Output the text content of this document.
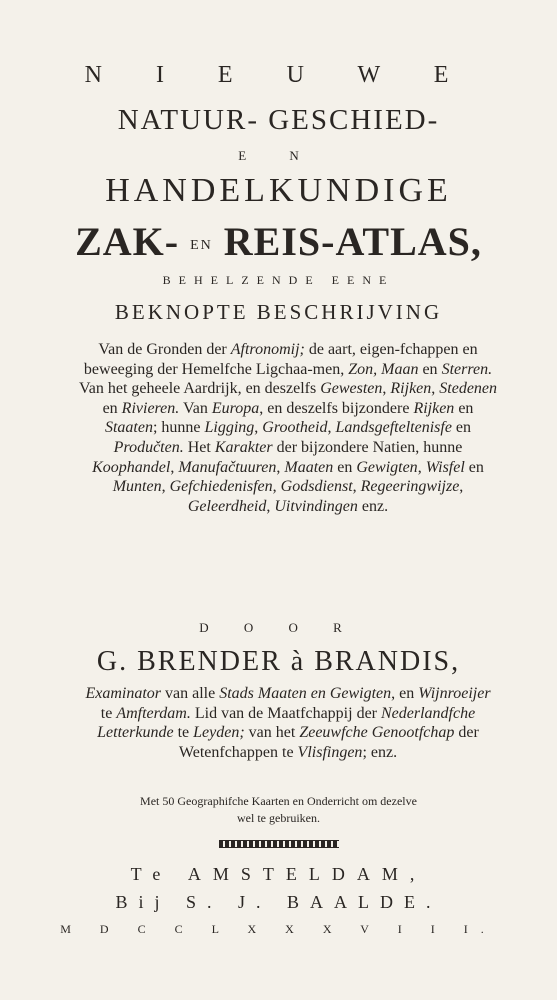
N I E U W E
NATUUR- GESCHIED-
E N
HANDELKUNDIGE
ZAK- EN REIS-ATLAS,
BEHELZENDE EENE
BEKNOPTE BESCHRIJVING
Van de Gronden der Aftronomij; de aart, eigen-fchappen en beweeging der Hemelfche Ligchaa-men, Zon, Maan en Sterren. Van het geheele Aardrijk, en deszelfs Gewesten, Rijken, Stedenen en Rivieren. Van Europa, en deszelfs bijzondere Rijken en Staaten; hunne Ligging, Grootheid, Landsgefteltenisfe en Produčten. Het Karakter der bijzondere Natien, hunne Koophandel, Manufačtuuren, Maaten en Gewigten, Wisfel en Munten, Gefchiedenisfen, Godsdienst, Regeeringwijze, Geleerdheid, Uitvindingen enz.
D O O R
G. BRENDER à BRANDIS,
Examinator van alle Stads Maaten en Gewigten, en Wijnroeijer te Amfterdam. Lid van de Maatfchappij der Nederlandfche Letterkunde te Leyden; van het Zeeuwfche Genootfchap der Wetenfchappen te Vlisfingen; enz.
Met 50 Geographifche Kaarten en Onderricht om dezelve
wel te gebruiken.
Te AMSTELDAM,
Bij S. J. BAALDE.
M D C C L X X X V I I I.
